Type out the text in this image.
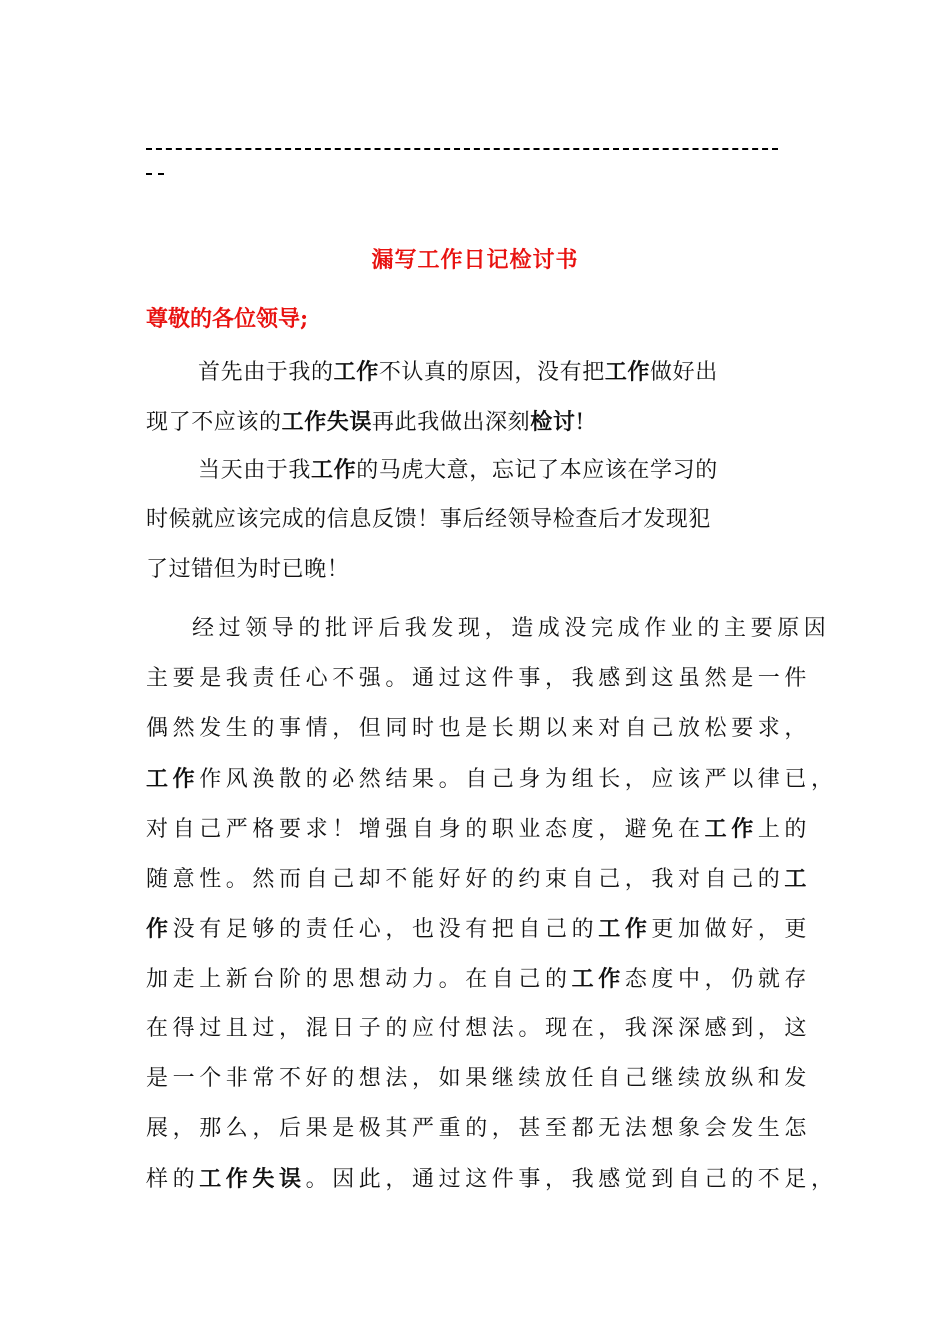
漏写工作日记检讨书
尊敬的各位领导;
首先由于我的工作不认真的原因，没有把工作做好出
现了不应该的工作失误再此我做出深刻检讨!
当天由于我工作的马虎大意，忘记了本应该在学习的
时候就应该完成的信息反馈！事后经领导检查后才发现犯
了过错但为时已晚！
经过领导的批评后我发现，造成没完成作业的主要原因
主要是我责任心不强。通过这件事，我感到这虽然是一件
偶然发生的事情，但同时也是长期以来对自己放松要求，
工作作风涣散的必然结果。自己身为组长，应该严以律已，
对自己严格要求！增强自身的职业态度，避免在工作上的
随意性。然而自己却不能好好的约束自己，我对自己的工
作没有足够的责任心，也没有把自己的工作更加做好，更
加走上新台阶的思想动力。在自己的工作态度中，仍就存
在得过且过，混日子的应付想法。现在，我深深感到，这
是一个非常不好的想法，如果继续放任自己继续放纵和发
展，那么，后果是极其严重的，甚至都无法想象会发生怎
样的工作失误。因此，通过这件事，我感觉到自己的不足，
